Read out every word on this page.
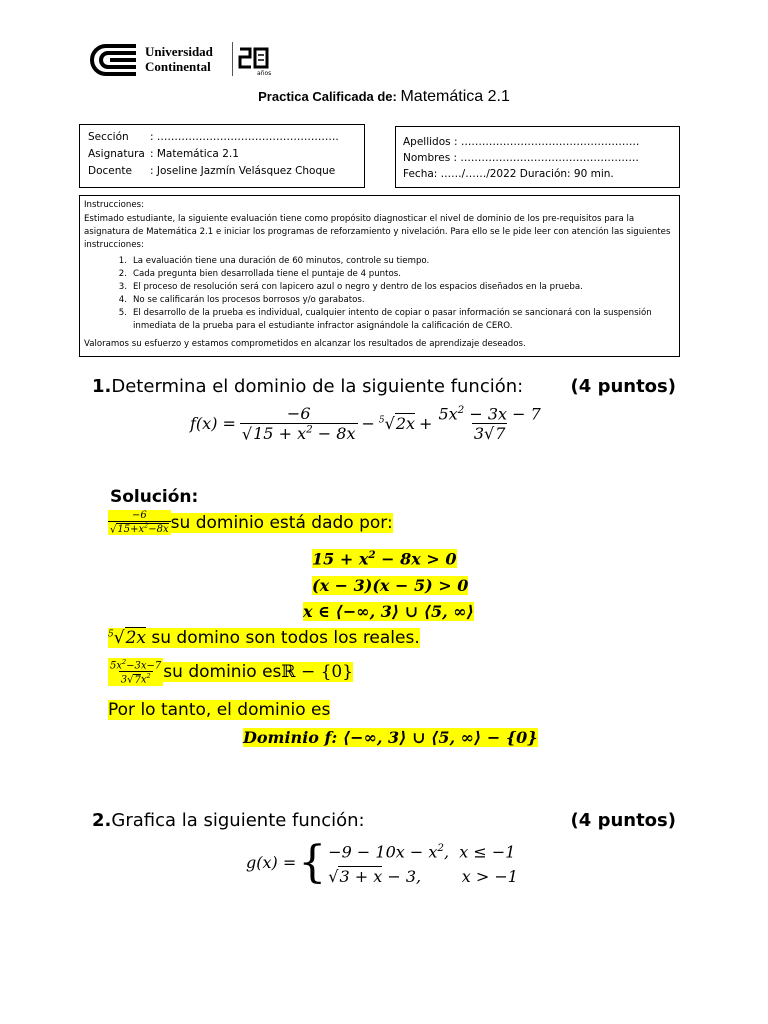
Universidad
Continental	años
Practica Calificada de: Matemática 2.1
Sección : …………………………………………….
Asignatura : Matemática 2.1
Docente : Joseline Jazmín Velásquez Choque
Apellidos : ……………………………………………
Nombres : ……………………………………………
Fecha: ……/……/2022 Duración: 90 min.
Instrucciones:
Estimado estudiante, la siguiente evaluación tiene como propósito diagnosticar el nivel de dominio de los pre-requisitos para la asignatura de Matemática 2.1 e iniciar los programas de reforzamiento y nivelación. Para ello se le pide leer con atención las siguientes instrucciones:
1. La evaluación tiene una duración de 60 minutos, controle su tiempo.
2. Cada pregunta bien desarrollada tiene el puntaje de 4 puntos.
3. El proceso de resolución será con lapicero azul o negro y dentro de los espacios diseñados en la prueba.
4. No se calificarán los procesos borrosos y/o garabatos.
5. El desarrollo de la prueba es individual, cualquier intento de copiar o pasar información se sancionará con la suspensión inmediata de la prueba para el estudiante infractor asignándole la calificación de CERO.
Valoramos su esfuerzo y estamos comprometidos en alcanzar los resultados de aprendizaje deseados.
1.Determina el dominio de la siguiente función:	(4 puntos)
$f(x) = \frac{-6}{√15 + x^2 - 8x} - ^5√2x + \frac{5x^2 - 3x - 7}{3√7}$
Solución:
$\frac{-6}{√15+x^2-8x}$ su dominio está dado por:
$15 + x^2 - 8x > 0$
(x − 3)(x − 5) > 0
x ∈ ⟨−∞, 3⟩ ∪ ⟨5, ∞⟩
$^5$√2x su domino son todos los reales.
$\frac{5x^2-3x-7}{3√7x^2}$ su dominio es ℝ − {0}
Por lo tanto, el dominio es
Dominio f: ⟨−∞, 3⟩ ∪ ⟨5, ∞⟩ − {0}
2.Grafica la siguiente función:	(4 puntos)
g(x) = { $-9 - 10x - x^2$,  x ≤ −1
√3 + x − 3,        x > −1
